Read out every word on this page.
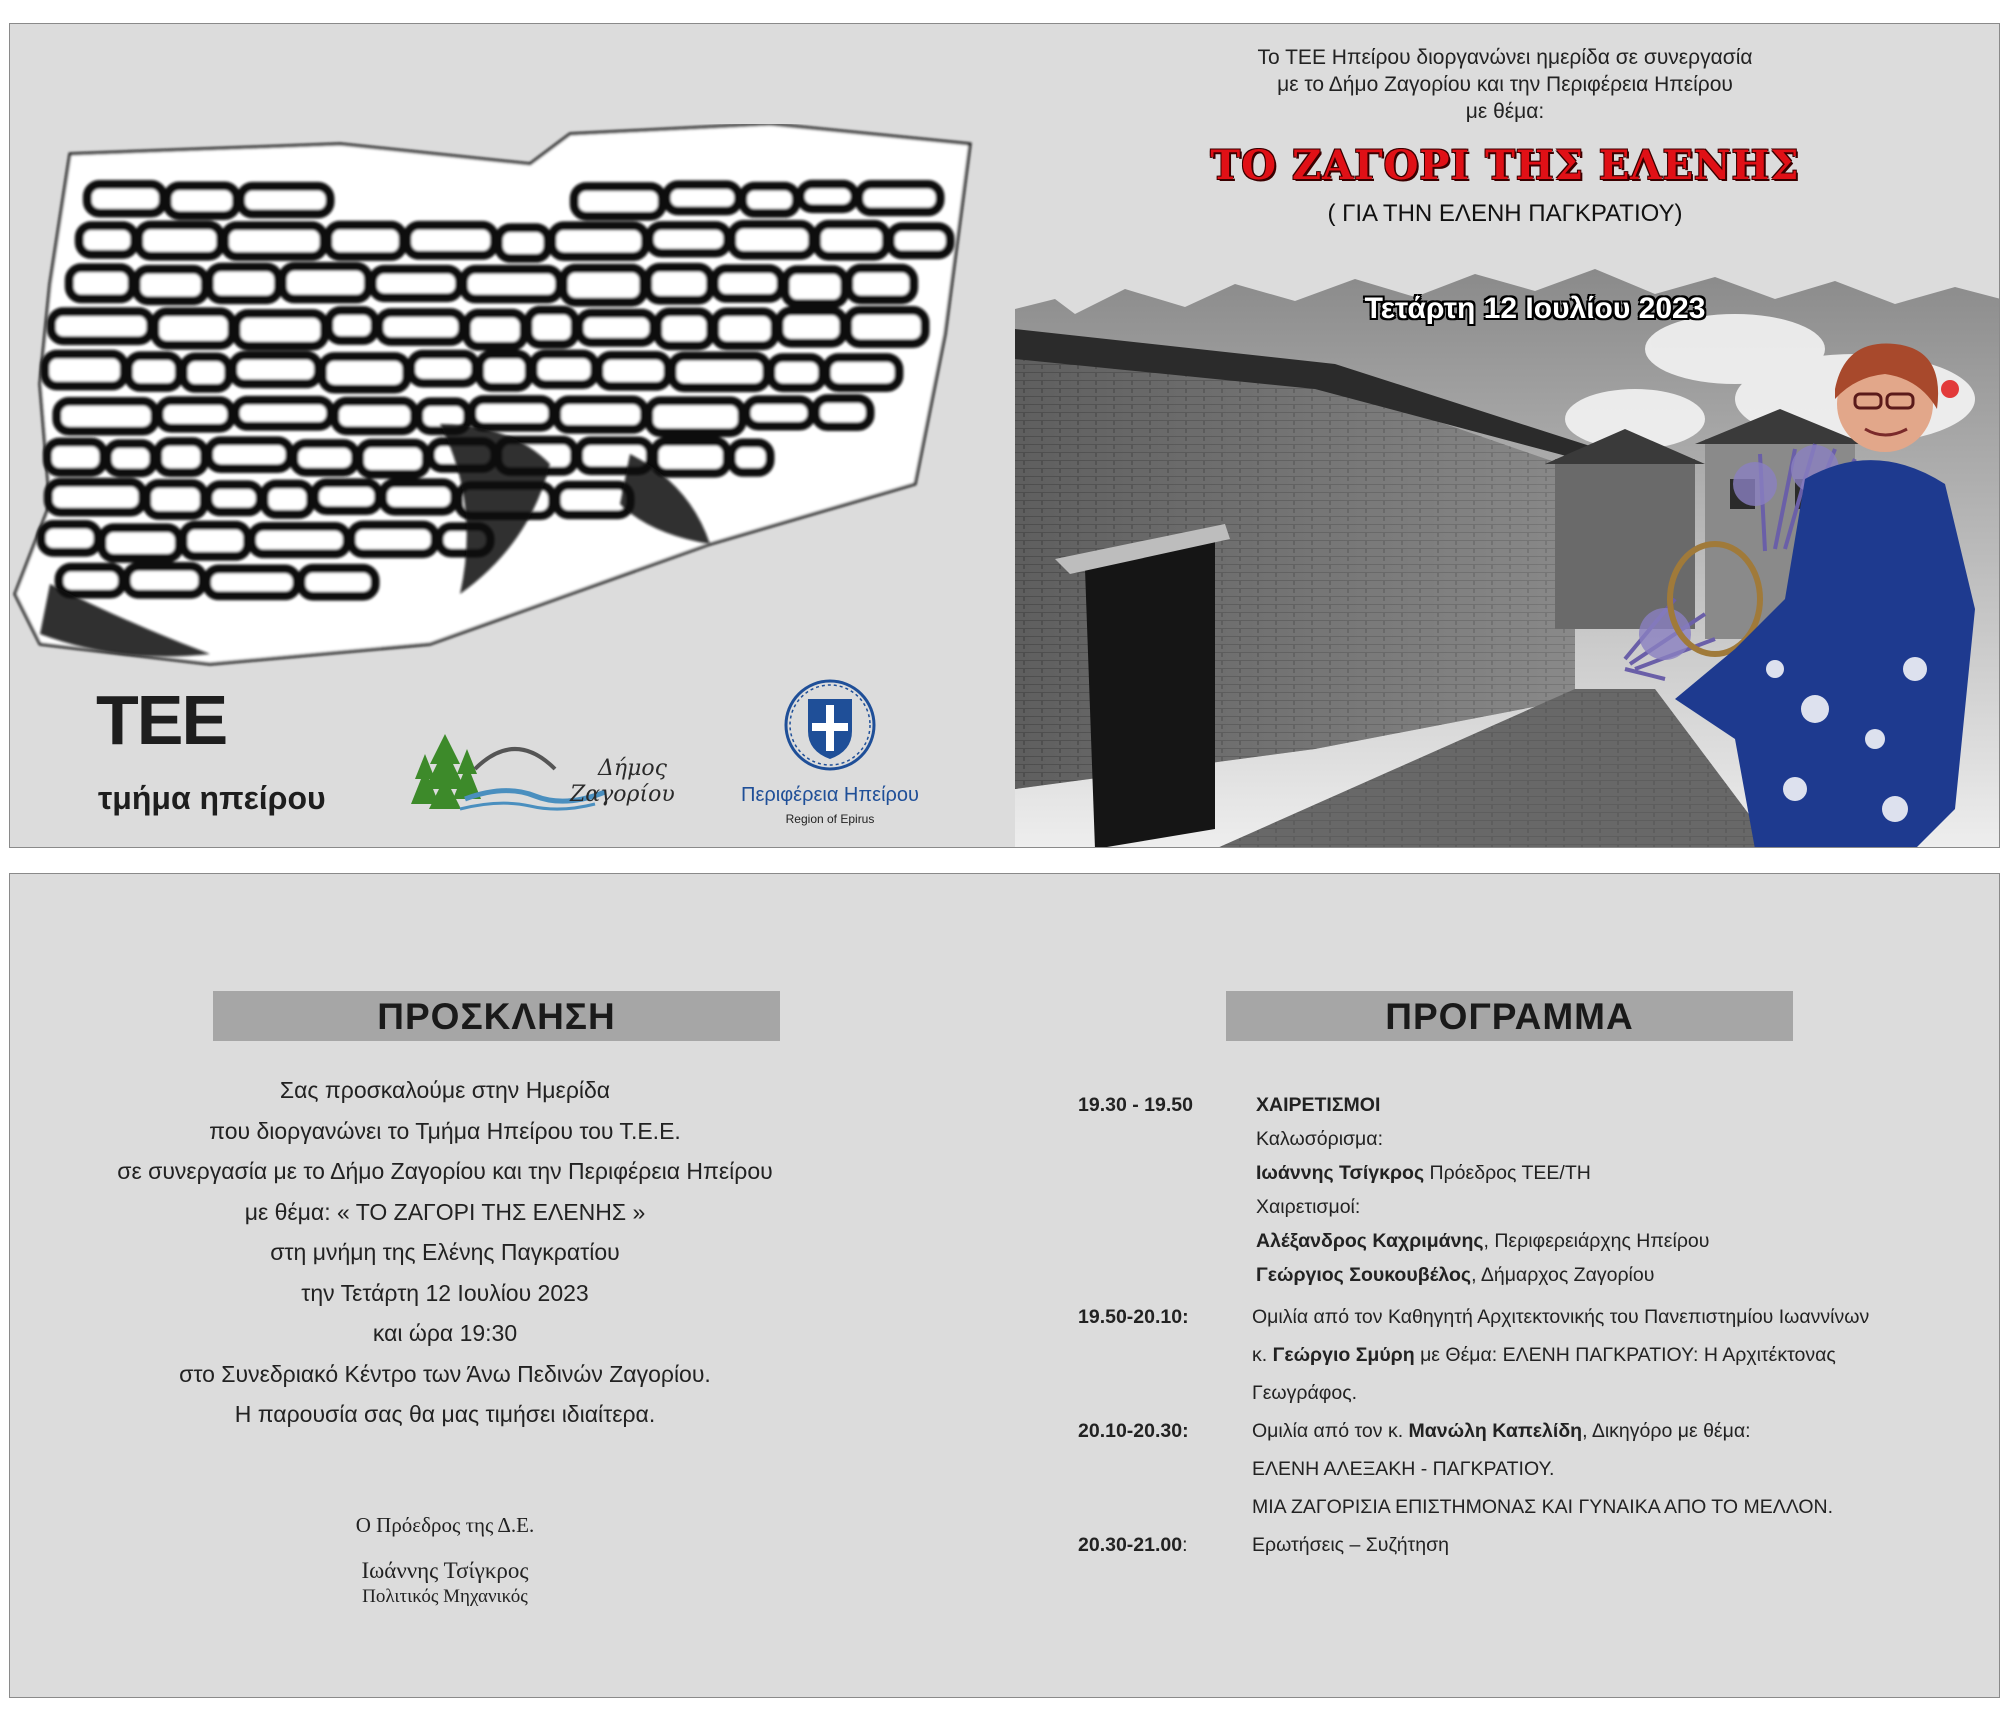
ΤΕΕ
τμήμα ηπείρου
Δήμος
Ζαγορίου	Περιφέρεια Ηπείρου
Region of Epirus
Το ΤΕΕ Ηπείρου διοργανώνει ημερίδα σε συνεργασία
με το Δήμο Ζαγορίου και την Περιφέρεια Ηπείρου
με θέμα:
ΤΟ ΖΑΓΟΡΙ ΤΗΣ ΕΛΕΝΗΣ
( ΓΙΑ ΤΗΝ ΕΛΕΝΗ ΠΑΓΚΡΑΤΙΟΥ)
Τετάρτη 12 Ιουλίου 2023
ΠΡΟΣΚΛΗΣΗ	ΠΡΟΓΡΑΜΜΑ
Σας προσκαλούμε στην Ημερίδα
που διοργανώνει το Τμήμα Ηπείρου του Τ.Ε.Ε.
σε συνεργασία με το Δήμο Ζαγορίου και την Περιφέρεια Ηπείρου
με θέμα: « ΤΟ ΖΑΓΟΡΙ ΤΗΣ ΕΛΕΝΗΣ »
στη μνήμη της Ελένης Παγκρατίου
την Τετάρτη 12 Ιουλίου 2023
και ώρα 19:30
στο Συνεδριακό Κέντρο των Άνω Πεδινών Ζαγορίου.
Η παρουσία σας θα μας τιμήσει ιδιαίτερα.
Ο Πρόεδρος της Δ.Ε.
Ιωάννης Τσίγκρος
Πολιτικός Μηχανικός
19.30 - 19.50	ΧΑΙΡΕΤΙΣΜΟΙ
Καλωσόρισμα:
Ιωάννης Τσίγκρος Πρόεδρος ΤΕΕ/ΤΗ
Χαιρετισμοί:
Αλέξανδρος Καχριμάνης, Περιφερειάρχης Ηπείρου
Γεώργιος Σουκουβέλος, Δήμαρχος Ζαγορίου
19.50-20.10:	Ομιλία από τον Καθηγητή Αρχιτεκτονικής του Πανεπιστημίου Ιωαννίνων
κ. Γεώργιο Σμύρη με Θέμα: ΕΛΕΝΗ ΠΑΓΚΡΑΤΙΟΥ: Η Αρχιτέκτονας
Γεωγράφος.
20.10-20.30:	Ομιλία από τον κ. Μανώλη Καπελίδη, Δικηγόρο με θέμα:
ΕΛΕΝΗ ΑΛΕΞΑΚΗ - ΠΑΓΚΡΑΤΙΟΥ.
ΜΙΑ ΖΑΓΟΡΙΣΙΑ ΕΠΙΣΤΗΜΟΝΑΣ ΚΑΙ ΓΥΝΑΙΚΑ ΑΠΟ ΤΟ ΜΕΛΛΟΝ.
20.30-21.00:	Ερωτήσεις – Συζήτηση
